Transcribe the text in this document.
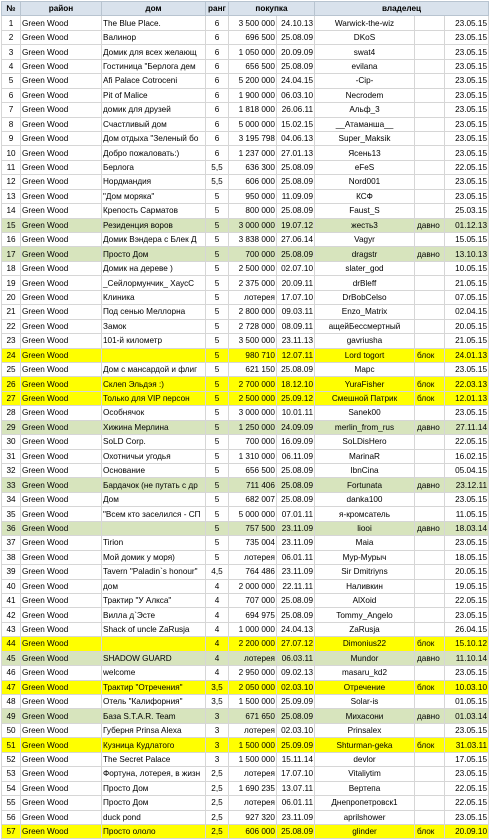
№	район	дом	ранг	покупка		владелец		
1	Green Wood	The Blue Place.	6	3 500 000	24.10.13	Warwick-the-wiz		23.05.15
2	Green Wood	Валинор	6	696 500	25.08.09	DKoS		23.05.15
3	Green Wood	Домик для всех желающ	6	1 050 000	20.09.09	swat4		23.05.15
4	Green Wood	Гостиница "Берлога дем	6	656 500	25.08.09	evilana		23.05.15
5	Green Wood	Afi Palace Cotroceni	6	5 200 000	24.04.15	-Cip-		23.05.15
6	Green Wood	Pit of Malice	6	1 900 000	06.03.10	Necrodem		23.05.15
7	Green Wood	домик для друзей	6	1 818 000	26.06.11	Альф_3		23.05.15
8	Green Wood	Счастливый дом	6	5 000 000	15.02.15	__Атаманша__		23.05.15
9	Green Wood	Дом отдыха "Зеленый бо	6	3 195 798	04.06.13	Super_Maksik		23.05.15
10	Green Wood	Добро пожаловать:)	6	1 237 000	27.01.13	Ясень13		23.05.15
11	Green Wood	Берлога	5,5	636 300	25.08.09	eFeS		22.05.15
12	Green Wood	Нордмандия	5,5	606 000	25.08.09	Nord001		23.05.15
13	Green Wood	"Дом моряка"	5	950 000	11.09.09	КСФ		23.05.15
14	Green Wood	Крепость Сарматов	5	800 000	25.08.09	Faust_S		25.03.15
15	Green Wood	Резиденция воров	5	3 000 000	19.07.12	жесть3	давно	01.12.13
16	Green Wood	Домик Вэндера с Блек Д	5	3 838 000	27.06.14	Vagyr		15.05.15
17	Green Wood	Просто Дом	5	700 000	25.08.09	dragstr	давно	13.10.13
18	Green Wood	Домик на дереве )	5	2 500 000	02.07.10	slater_god		10.05.15
19	Green Wood	_Сейлормунчик_ ХаусС	5	2 375 000	20.09.11	drBleff		21.05.15
20	Green Wood	Клиника	5	лотерея	17.07.10	DrBobCelso		07.05.15
21	Green Wood	Под сенью Меллорна	5	2 800 000	09.03.11	Enzo_Matrix		02.04.15
22	Green Wood	Замок	5	2 728 000	08.09.11	ащейБессмертный		20.05.15
23	Green Wood	101-й километр	5	3 500 000	23.11.13	gavriusha		21.05.15
24	Green Wood		5	980 710	12.07.11	Lord togort	блок	24.01.13
25	Green Wood	Дом с мансардой и флиг	5	621 150	25.08.09	Марс		23.05.15
26	Green Wood	Склеп Эльдэя :)	5	2 700 000	18.12.10	YuraFisher	блок	22.03.13
27	Green Wood	Только для VIP персон	5	2 500 000	25.09.12	Смешной Патрик	блок	12.01.13
28	Green Wood	Особнячок	5	3 000 000	10.01.11	Sanek00		23.05.15
29	Green Wood	Хижина Мерлина	5	1 250 000	24.09.09	merlin_from_rus	давно	27.11.14
30	Green Wood	SoLD Corp.	5	700 000	16.09.09	SoLDisHero		22.05.15
31	Green Wood	Охотничьи угодья	5	1 310 000	06.11.09	MarinaR		16.02.15
32	Green Wood	Основание	5	656 500	25.08.09	IbnCina		05.04.15
33	Green Wood	Бардачок (не путать с др	5	711 406	25.08.09	Fortunata	давно	23.12.11
34	Green Wood	Дом	5	682 007	25.08.09	danka100		23.05.15
35	Green Wood	"Всем кто заселился - СП	5	5 000 000	07.01.11	я-кромсатель		11.05.15
36	Green Wood		5	757 500	23.11.09	liooi	давно	18.03.14
37	Green Wood	Tirion	5	735 004	23.11.09	Maia		23.05.15
38	Green Wood	Мой домик у моря)	5	лотерея	06.01.11	Мур-Мурыч		18.05.15
39	Green Wood	Tavern "Paladin`s honour"	4,5	764 486	23.11.09	Sir Dmitriyns		20.05.15
40	Green Wood	дом	4	2 000 000	22.11.11	Наливкин		19.05.15
41	Green Wood	Трактир "У Алкса"	4	707 000	25.08.09	AlXoid		22.05.15
42	Green Wood	Вилла д`Эсте	4	694 975	25.08.09	Tommy_Angelo		23.05.15
43	Green Wood	Shack of uncle ZaRusja	4	1 000 000	24.04.13	ZaRusja		26.04.15
44	Green Wood		4	2 200 000	27.07.12	Dimonius22	блок	15.10.12
45	Green Wood	SHADOW GUARD	4	лотерея	06.03.11	Mundor	давно	11.10.14
46	Green Wood	welcome	4	2 950 000	09.02.13	masaru_kd2		23.05.15
47	Green Wood	Трактир "Отречения"	3,5	2 050 000	02.03.10	Отречение	блок	10.03.10
48	Green Wood	Отель "Калифорния"	3,5	1 500 000	25.09.09	Solar-is		01.05.15
49	Green Wood	База S.T.A.R. Team	3	671 650	25.08.09	Михасони	давно	01.03.14
50	Green Wood	Губерня Prinsa Alexa	3	лотерея	02.03.10	Prinsalex		23.05.15
51	Green Wood	Кузница Кудлатого	3	1 500 000	25.09.09	Shturman-geka	блок	31.03.11
52	Green Wood	The Secret Palace	3	1 500 000	15.11.14	devlor		17.05.15
53	Green Wood	Фортуна, лотерея, в жизн	2,5	лотерея	17.07.10	Vitaliytim		23.05.15
54	Green Wood	Просто Дом	2,5	1 690 235	13.07.11	Вертепа		22.05.15
55	Green Wood	Просто Дом	2,5	лотерея	06.01.11	Днепропетровск1		22.05.15
56	Green Wood	duck pond	2,5	927 320	23.11.09	aprilshower		23.05.15
57	Green Wood	Просто ололо	2,5	606 000	25.08.09	glinder	блок	20.09.10
